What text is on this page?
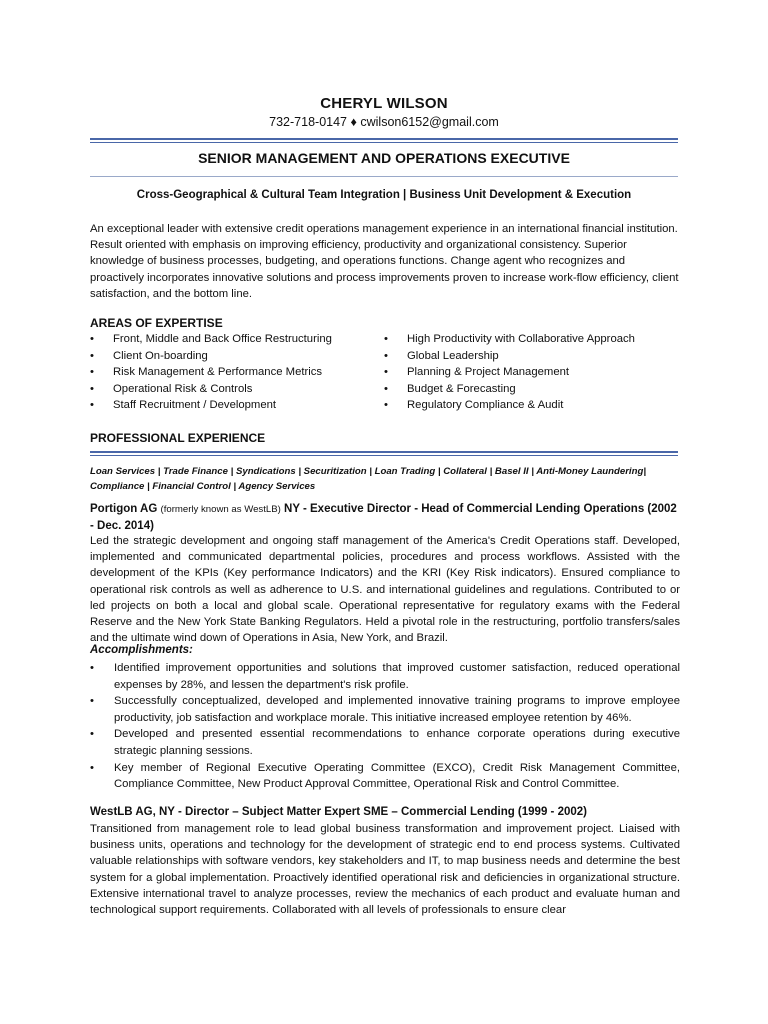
CHERYL WILSON
732-718-0147 ♦ cwilson6152@gmail.com
SENIOR MANAGEMENT AND OPERATIONS EXECUTIVE
Cross-Geographical & Cultural Team Integration | Business Unit Development & Execution
An exceptional leader with extensive credit operations management experience in an international financial institution. Result oriented with emphasis on improving efficiency, productivity and organizational consistency. Superior knowledge of business processes, budgeting, and operations functions. Change agent who recognizes and proactively incorporates innovative solutions and process improvements proven to increase work-flow efficiency, client satisfaction, and the bottom line.
AREAS OF EXPERTISE
• Front, Middle and Back Office Restructuring
• Client On-boarding
• Risk Management & Performance Metrics
• Operational Risk & Controls
• Staff Recruitment / Development
• High Productivity with Collaborative Approach
• Global Leadership
• Planning & Project Management
• Budget & Forecasting
• Regulatory Compliance & Audit
PROFESSIONAL EXPERIENCE
Loan Services | Trade Finance | Syndications | Securitization | Loan Trading | Collateral | Basel II | Anti-Money Laundering| Compliance | Financial Control | Agency Services
Portigon AG (formerly known as WestLB) NY - Executive Director - Head of Commercial Lending Operations (2002 - Dec. 2014)
Led the strategic development and ongoing staff management of the America's Credit Operations staff. Developed, implemented and communicated departmental policies, procedures and process workflows. Assisted with the development of the KPIs (Key performance Indicators) and the KRI (Key Risk indicators). Ensured compliance to operational risk controls as well as adherence to U.S. and international guidelines and regulations. Contributed to or led projects on both a local and global scale. Operational representative for regulatory exams with the Federal Reserve and the New York State Banking Regulators. Held a pivotal role in the restructuring, portfolio transfers/sales and the ultimate wind down of Operations in Asia, New York, and Brazil.
Accomplishments:
• Identified improvement opportunities and solutions that improved customer satisfaction, reduced operational expenses by 28%, and lessen the department's risk profile.
• Successfully conceptualized, developed and implemented innovative training programs to improve employee productivity, job satisfaction and workplace morale. This initiative increased employee retention by 46%.
• Developed and presented essential recommendations to enhance corporate operations during executive strategic planning sessions.
• Key member of Regional Executive Operating Committee (EXCO), Credit Risk Management Committee, Compliance Committee, New Product Approval Committee, Operational Risk and Control Committee.
WestLB AG, NY - Director – Subject Matter Expert SME – Commercial Lending (1999 - 2002)
Transitioned from management role to lead global business transformation and improvement project. Liaised with business units, operations and technology for the development of strategic end to end process systems. Cultivated valuable relationships with software vendors, key stakeholders and IT, to map business needs and determine the best system for a global implementation. Proactively identified operational risk and deficiencies in organizational structure. Extensive international travel to analyze processes, review the mechanics of each product and evaluate human and technological support requirements. Collaborated with all levels of professionals to ensure clear
